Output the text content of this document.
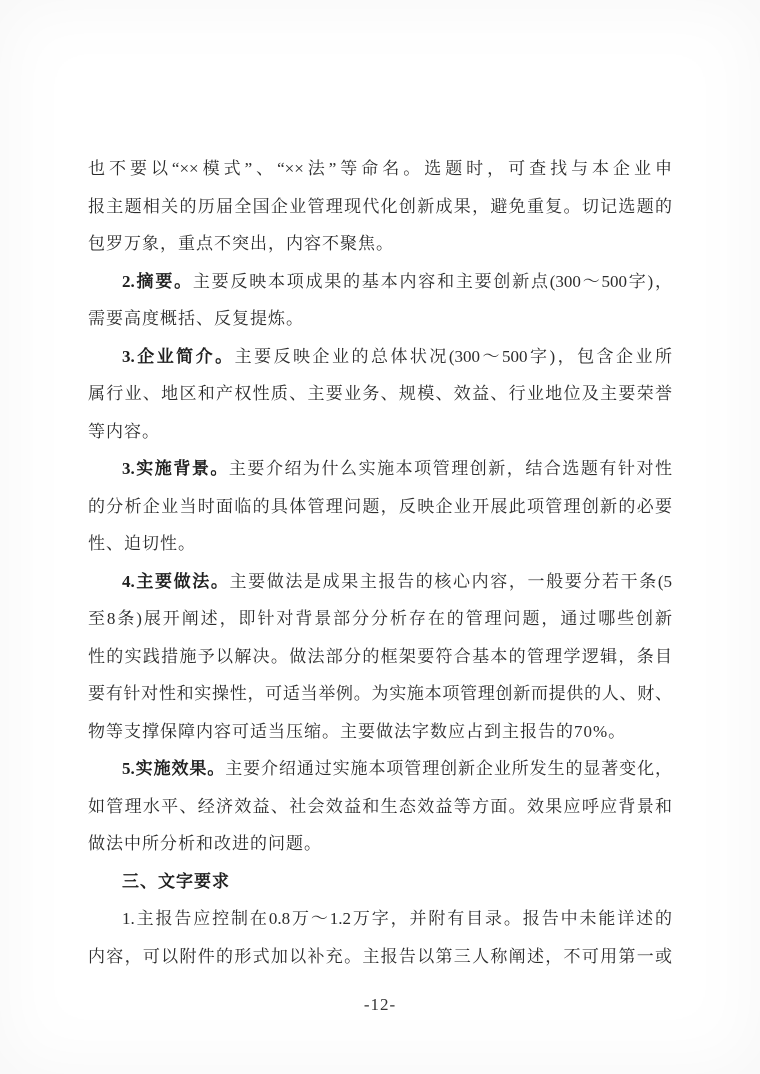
也不要以“××模式”、“××法”等命名。选题时，可查找与本企业申
报主题相关的历届全国企业管理现代化创新成果，避免重复。切记选题的
包罗万象，重点不突出，内容不聚焦。
2.摘要。主要反映本项成果的基本内容和主要创新点(300～500字)，
需要高度概括、反复提炼。
3.企业简介。主要反映企业的总体状况(300～500字)，包含企业所
属行业、地区和产权性质、主要业务、规模、效益、行业地位及主要荣誉
等内容。
3.实施背景。主要介绍为什么实施本项管理创新，结合选题有针对性
的分析企业当时面临的具体管理问题，反映企业开展此项管理创新的必要
性、迫切性。
4.主要做法。主要做法是成果主报告的核心内容，一般要分若干条(5
至8条)展开阐述，即针对背景部分分析存在的管理问题，通过哪些创新
性的实践措施予以解决。做法部分的框架要符合基本的管理学逻辑，条目
要有针对性和实操性，可适当举例。为实施本项管理创新而提供的人、财、
物等支撑保障内容可适当压缩。主要做法字数应占到主报告的70%。
5.实施效果。主要介绍通过实施本项管理创新企业所发生的显著变化，
如管理水平、经济效益、社会效益和生态效益等方面。效果应呼应背景和
做法中所分析和改进的问题。
三、文字要求
1.主报告应控制在0.8万～1.2万字，并附有目录。报告中未能详述的
内容，可以附件的形式加以补充。主报告以第三人称阐述，不可用第一或
-12-
